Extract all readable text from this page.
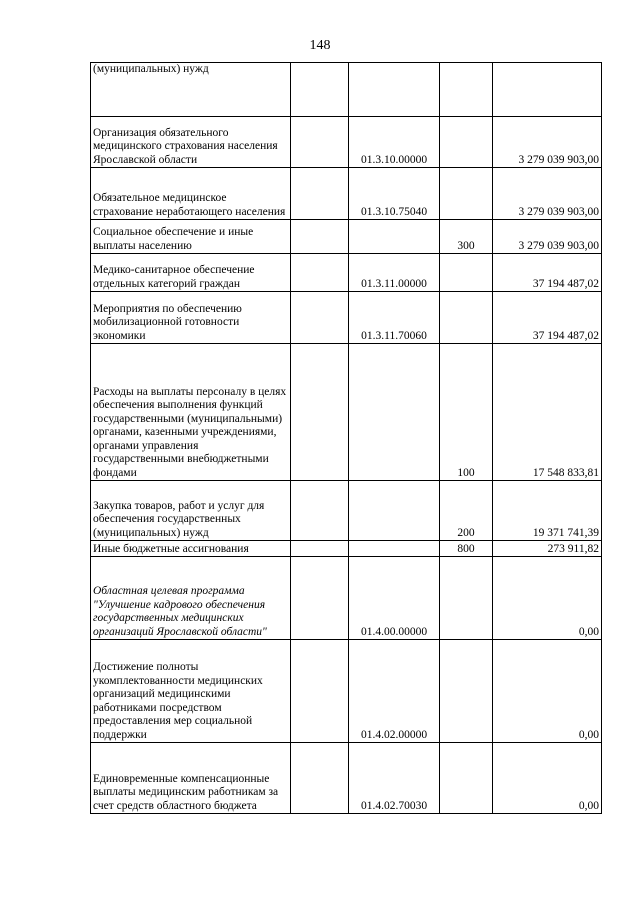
148
(муниципальных) нужд				
Организация обязательного медицинского страхования населения Ярославской области		01.3.10.00000		3 279 039 903,00
Обязательное медицинское страхование неработающего населения		01.3.10.75040		3 279 039 903,00
Социальное обеспечение и иные выплаты населению			300	3 279 039 903,00
Медико-санитарное обеспечение отдельных категорий граждан		01.3.11.00000		37 194 487,02
Мероприятия по обеспечению мобилизационной готовности экономики		01.3.11.70060		37 194 487,02
Расходы на выплаты персоналу в целях обеспечения выполнения функций государственными (муниципальными) органами, казенными учреждениями, органами управления государственными внебюджетными фондами			100	17 548 833,81
Закупка товаров, работ и услуг для обеспечения государственных (муниципальных) нужд			200	19 371 741,39
Иные бюджетные ассигнования			800	273 911,82
Областная целевая программа "Улучшение кадрового обеспечения государственных медицинских организаций Ярославской области"		01.4.00.00000		0,00
Достижение полноты укомплектованности медицинских организаций медицинскими работниками посредством предоставления мер социальной поддержки		01.4.02.00000		0,00
Единовременные компенсационные выплаты медицинским работникам за счет средств областного бюджета		01.4.02.70030		0,00
